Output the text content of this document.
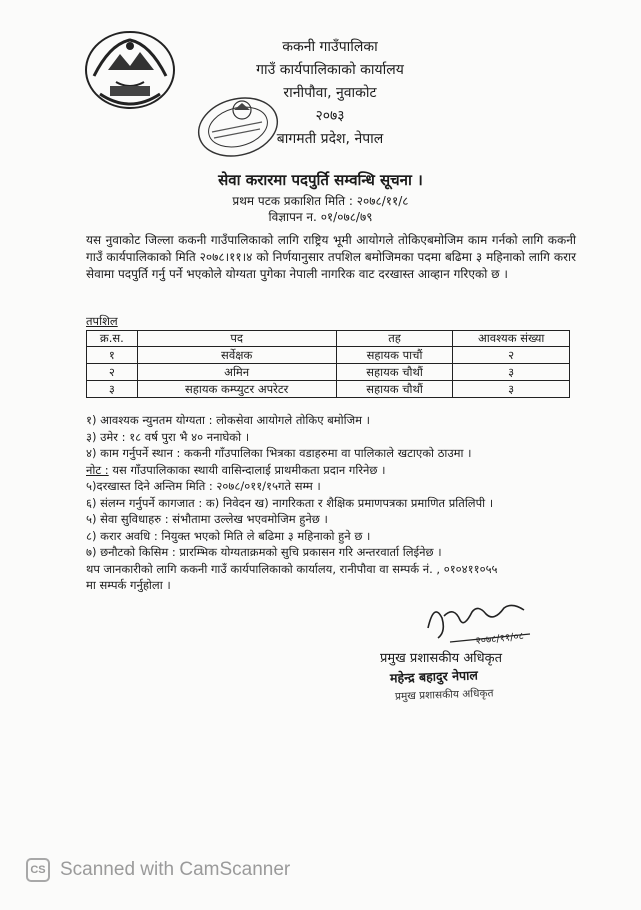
ककनी गाउँपालिका
गाउँ कार्यपालिकाको कार्यालय
रानीपौवा, नुवाकोट
२०७३
बागमती प्रदेश, नेपाल
सेवा करारमा पदपुर्ति सम्वन्धि सूचना ।
प्रथम पटक प्रकाशित मिति : २०७८/११/८
विज्ञापन न. ०१/०७८/७९
यस नुवाकोट जिल्ला ककनी गाउँपालिकाको लागि राष्ट्रिय भूमी आयोगले तोकिएबमोजिम काम गर्नको लागि ककनी गाउँ कार्यपालिकाको मिति २०७८।११।४ को निर्णयानुसार तपशिल बमोजिमका पदमा बढिमा ३ महिनाको लागि करार सेवामा पदपुर्ति गर्नु पर्ने भएकोले योग्यता पुगेका नेपाली नागरिक वाट दरखास्त आव्हान गरिएको छ ।
तपशिल
क्र.स.	पद	तह	आवश्यक संख्या
१	सर्वेक्षक	सहायक पाचौं	२
२	अमिन	सहायक चौथौं	३
३	सहायक कम्प्युटर अपरेटर	सहायक चौथौं	३
१) आवश्यक न्युनतम योग्यता : लोकसेवा आयोगले तोकिए बमोजिम ।
३) उमेर : १८ वर्ष पुरा भै ४० ननाघेको ।
४) काम गर्नुपर्ने स्थान : ककनी गाँउपालिका भित्रका वडाहरुमा वा पालिकाले खटाएको ठाउमा ।
नोट : यस गाँउपालिकाका स्थायी वासिन्दालाई प्राथमीकता प्रदान गरिनेछ ।
५)दरखास्त दिने अन्तिम मिति : २०७८/०११/१५गते सम्म ।
६) संलग्न गर्नुपर्ने कागजात : क) निवेदन ख) नागरिकता र शैक्षिक प्रमाणपत्रका प्रमाणित प्रतिलिपी ।
५) सेवा सुविधाहरु : संभौतामा उल्लेख भएवमोजिम हुनेछ ।
८) करार अवधि : नियुक्त भएको मिति ले बढिमा ३ महिनाको हुने छ ।
७) छनौटको किसिम : प्रारम्भिक योग्यताक्रमको सुचि प्रकासन गरि अन्तरवार्ता लिईनेछ ।
थप जानकारीको लागि ककनी गाउँ कार्यपालिकाको कार्यालय, रानीपौवा वा सम्पर्क नं. , ०१०४११०५५
मा सम्पर्क गर्नुहोला ।
२०७८/११/०८
प्रमुख प्रशासकीय अधिकृत
महेन्द्र बहादुर नेपाल
प्रमुख प्रशासकीय अधिकृत
CS Scanned with CamScanner
